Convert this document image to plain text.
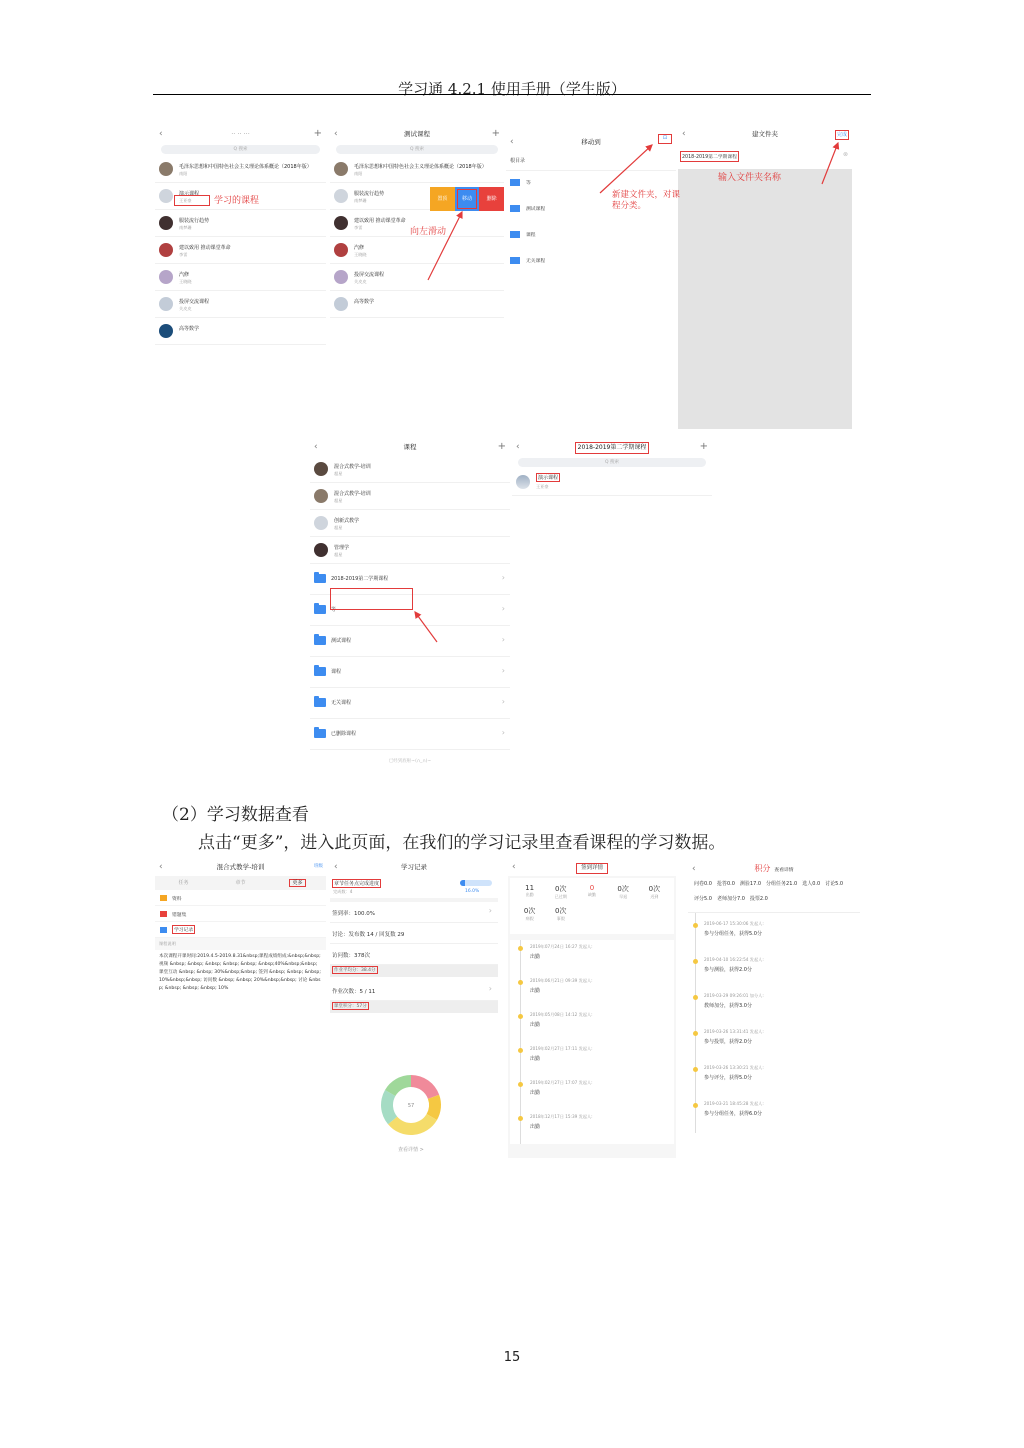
学习通 4.2.1 使用手册（学生版）
‹	·· ·· ···	+
Q 搜索
毛泽东思想和中国特色社会主义理论体系概论（2018年版）
南阳
演示课程
王亚豪
服装流行趋势
南梦珊
建以致用 推动课堂革命
李雷
汽修
王晓晓
投屏交流课程
关皮皮
高等数学
‹	测试课程	+
Q 搜索
毛泽东思想和中国特色社会主义理论体系概论（2018年版）
南阳
服装流行趋势
南梦珊
建以致用 推动课堂革命
李雷
汽修
王晓晓
投屏交流课程
关皮皮
高等数学
置顶	移动	删除
‹	移动到	⊡
根目录
等
测试课程
课程
无关课程
‹	建文件夹	完成
2018-2019第二学期课程	⊗
‹	课程	+
混合式教学-培训
超星
混合式教学-培训
超星
创新式教学
超星
管理学
超星
2018-2019第二学期课程	›
等	›
测试课程	›
课程	›
无关课程	›
已删除课程	›
已经到底啦~(∩_∩)~
‹	2018-2019第二学期课程	+
Q 搜索
演示课程
王亚豪
学习的课程
向左滑动
新建文件夹，对课程分类。
输入文件夹名称
（2）学习数据查看
点击“更多”，进入此页面，在我们的学习记录里查看课程的学习数据。
‹	混合式教学-培训	班级
任务	章节	更多
资料
错题集
学习记录
课程说明
本次课程开课时间:2019.4.5-2019.8.31&nbsp;课程成绩组成:&nbsp;&nbsp;视频 &nbsp; &nbsp; &nbsp; &nbsp; &nbsp; &nbsp;40%&nbsp;&nbsp; 课堂互动 &nbsp; &nbsp; 30%&nbsp;&nbsp; 签到 &nbsp; &nbsp; &nbsp; 10%&nbsp;&nbsp; 访问数 &nbsp; &nbsp; 20%&nbsp;&nbsp; 讨论 &nbsp; &nbsp; &nbsp; &nbsp; 10%
‹	学习记录
章节任务点完成进度
完成数：4	16.0%
签到率：100.0%	›
讨论：发布数 14 / 回复数 29
访问数：378次
作业平均分：38.4分
作业次数：5 / 11	›
课堂积分：57分
57
查看详情 >
‹	签到详情
11
出勤
0次
已过期
0
缺勤
0次
早退
0次
迟到
0次
病假
0次
事假
2019年07月24日 16:27 发起人:
出勤
2019年06月21日 09:39 发起人:
出勤
2019年05月08日 14:12 发起人:
出勤
2019年02月27日 17:11 发起人:
出勤
2019年02月27日 17:07 发起人:
出勤
2018年12月17日 15:39 发起人:
出勤
‹	积分 查看详情
问卷0.0 抢答0.0 测验17.0 分组任务21.0 选人0.0 讨论5.0
评分5.0 老师加分7.0 投票2.0
2019-06-17 15:30:06 发起人:
参与分组任务，获得5.0分
2019-04-10 16:22:54 发起人:
参与测验，获得2.0分
2019-03-29 09:26:01 加分人:
教师加分，获得3.0分
2019-03-26 13:31:41 发起人:
参与投票，获得2.0分
2019-03-26 13:30:21 发起人:
参与评分，获得5.0分
2019-03-21 18:45:28 发起人:
参与分组任务，获得6.0分
15
